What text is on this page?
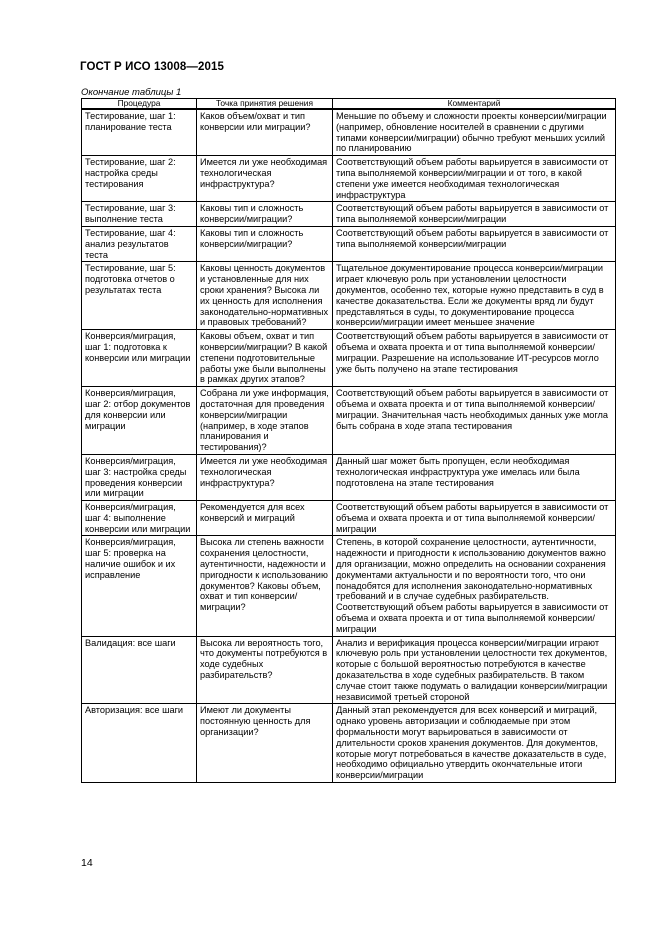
ГОСТ Р ИСО 13008—2015
Окончание таблицы 1
Процедура	Точка принятия решения	Комментарий
Тестирование, шаг 1: планирование теста	Каков объем/охват и тип конверсии или миграции?	Меньшие по объему и сложности проекты конверсии/миграции (например, обновление носителей в сравнении с другими типами конверсии/миграции) обычно требуют меньших усилий по планированию
Тестирование, шаг 2: настройка среды тестирования	Имеется ли уже необходимая технологическая инфраструктура?	Соответствующий объем работы варьируется в зависимости от типа выполняемой конверсии/миграции и от того, в какой степени уже имеется необходимая технологическая инфраструктура
Тестирование, шаг 3: выполнение теста	Каковы тип и сложность конверсии/миграции?	Соответствующий объем работы варьируется в зависимости от типа выполняемой конверсии/миграции
Тестирование, шаг 4: анализ результатов теста	Каковы тип и сложность конверсии/миграции?	Соответствующий объем работы варьируется в зависимости от типа выполняемой конверсии/миграции
Тестирование, шаг 5: подготовка отчетов о результатах теста	Каковы ценность документов и установленные для них сроки хранения? Высока ли их ценность для исполнения законодательно-нормативных и правовых требований?	Тщательное документирование процесса конверсии/миграции играет ключевую роль при установлении целостности документов, особенно тех, которые нужно представить в суд в качестве доказательства. Если же документы вряд ли будут представляться в суды, то документирование процесса конверсии/миграции имеет меньшее значение
Конверсия/миграция, шаг 1: подготовка к конверсии или миграции	Каковы объем, охват и тип конверсии/миграции? В какой степени подготовительные работы уже были выполнены в рамках других этапов?	Соответствующий объем работы варьируется в зависимости от объема и охвата проекта и от типа выполняемой конверсии/миграции. Разрешение на использование ИТ-ресурсов могло уже быть получено на этапе тестирования
Конверсия/миграция, шаг 2: отбор документов для конверсии или миграции	Собрана ли уже информация, достаточная для проведения конверсии/миграции (например, в ходе этапов планирования и тестирования)?	Соответствующий объем работы варьируется в зависимости от объема и охвата проекта и от типа выполняемой конверсии/миграции. Значительная часть необходимых данных уже могла быть собрана в ходе этапа тестирования
Конверсия/миграция, шаг 3: настройка среды проведения конверсии или миграции	Имеется ли уже необходимая технологическая инфраструктура?	Данный шаг может быть пропущен, если необходимая технологическая инфраструктура уже имелась или была подготовлена на этапе тестирования
Конверсия/миграция, шаг 4: выполнение конверсии или миграции	Рекомендуется для всех конверсий и миграций	Соответствующий объем работы варьируется в зависимости от объема и охвата проекта и от типа выполняемой конверсии/миграции
Конверсия/миграция, шаг 5: проверка на наличие ошибок и их исправление	Высока ли степень важности сохранения целостности, аутентичности, надежности и пригодности к использованию документов? Каковы объем, охват и тип конверсии/миграции?	Степень, в которой сохранение целостности, аутентичности, надежности и пригодности к использованию документов важно для организации, можно определить на основании сохранения документами актуальности и по вероятности того, что они понадобятся для исполнения законодательно-нормативных требований и в случае судебных разбирательств. Соответствующий объем работы варьируется в зависимости от объема и охвата проекта и от типа выполняемой конверсии/миграции
Валидация: все шаги	Высока ли вероятность того, что документы потребуются в ходе судебных разбирательств?	Анализ и верификация процесса конверсии/миграции играют ключевую роль при установлении целостности тех документов, которые с большой вероятностью потребуются в качестве доказательства в ходе судебных разбирательств. В таком случае стоит также подумать о валидации конверсии/миграции независимой третьей стороной
Авторизация: все шаги	Имеют ли документы постоянную ценность для организации?	Данный этап рекомендуется для всех конверсий и миграций, однако уровень авторизации и соблюдаемые при этом формальности могут варьироваться в зависимости от длительности сроков хранения документов. Для документов, которые могут потребоваться в качестве доказательств в суде, необходимо официально утвердить окончательные итоги конверсии/миграции
14
